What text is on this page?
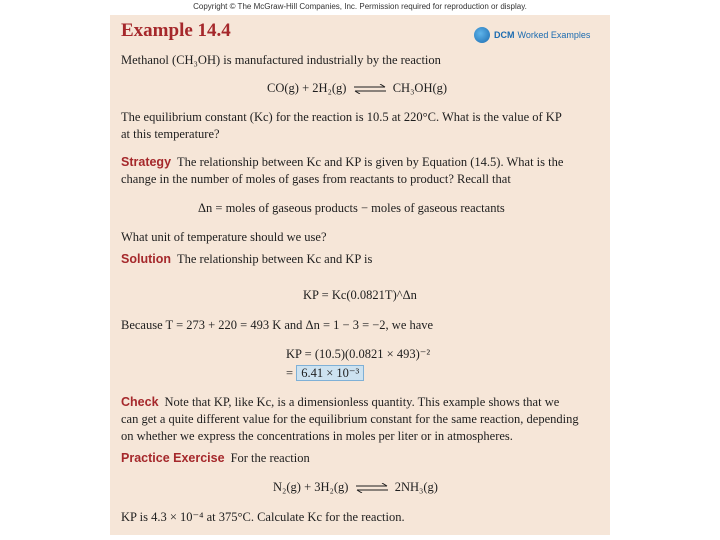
Copyright © The McGraw-Hill Companies, Inc. Permission required for reproduction or display.
Example 14.4	DCM Worked Examples
Methanol (CH₃OH) is manufactured industrially by the reaction
CO(g) + 2H₂(g) ⇌ CH₃OH(g)
The equilibrium constant (Kc) for the reaction is 10.5 at 220°C. What is the value of KP
at this temperature?
Strategy The relationship between Kc and KP is given by Equation (14.5). What is the
change in the number of moles of gases from reactants to product? Recall that
Δn = moles of gaseous products − moles of gaseous reactants
What unit of temperature should we use?
Solution The relationship between Kc and KP is
KP = Kc(0.0821T)^Δn
Because T = 273 + 220 = 493 K and Δn = 1 − 3 = −2, we have
KP = (10.5)(0.0821 × 493)⁻²
= 6.41 × 10⁻³
Check Note that KP, like Kc, is a dimensionless quantity. This example shows that we
can get a quite different value for the equilibrium constant for the same reaction, depending
on whether we express the concentrations in moles per liter or in atmospheres.
Practice Exercise For the reaction
N₂(g) + 3H₂(g) ⇌ 2NH₃(g)
KP is 4.3 × 10⁻⁴ at 375°C. Calculate Kc for the reaction.
